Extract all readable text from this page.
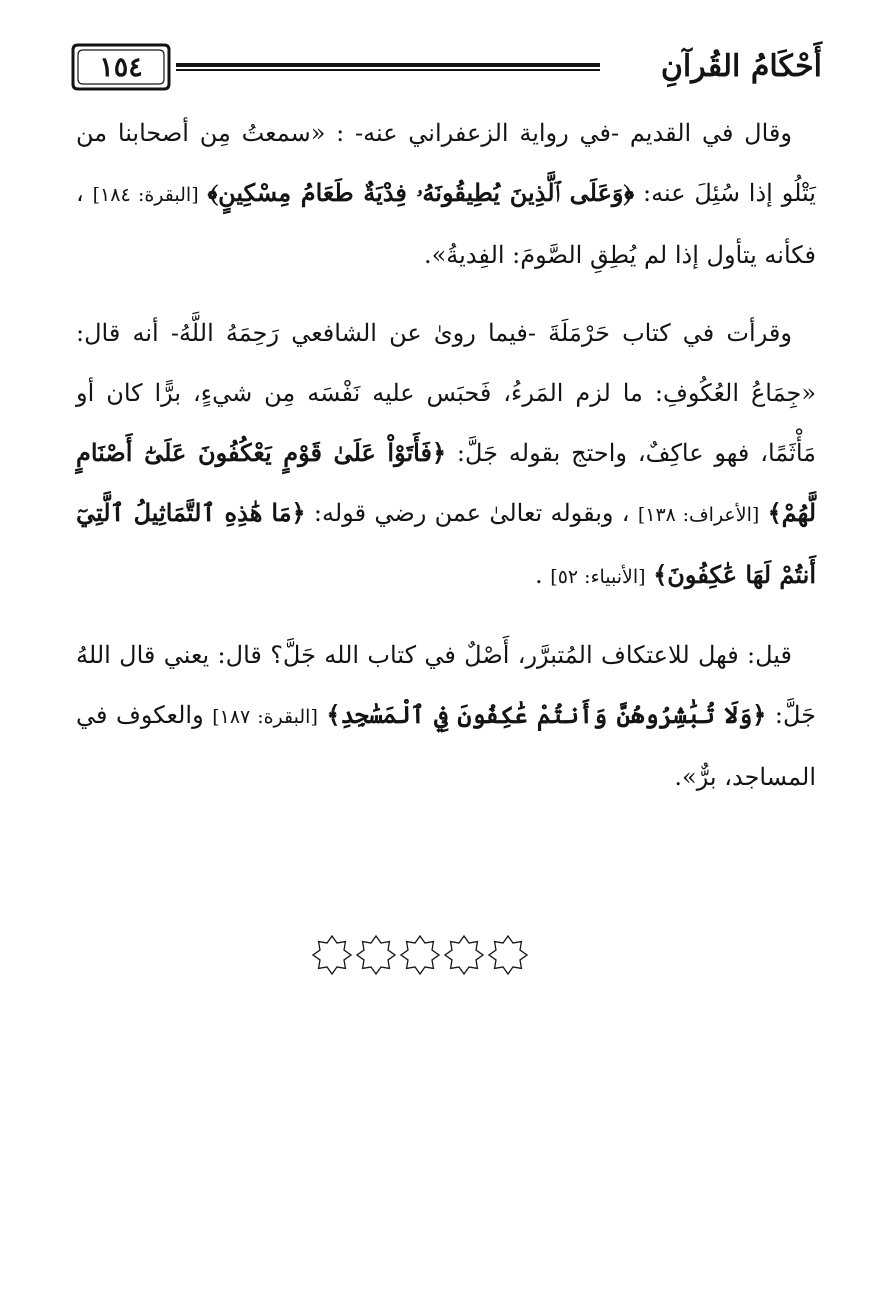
١٥٤	أَحْكَامُ القُرآنِ

وقال في القديم -في رواية الزعفراني عنه- : «سمعتُ مِن أصحابنا من يَتْلُو إذا سُئِلَ عنه: ﴿وَعَلَى ٱلَّذِينَ يُطِيقُونَهُۥ فِدْيَةٌ طَعَامُ مِسْكِينٍ﴾ [البقرة: ١٨٤] ، فكأنه يتأول إذا لم يُطِقِ الصَّومَ: الفِديةُ».

وقرأت في كتاب حَرْمَلَةَ -فيما روىٰ عن الشافعي رَحِمَهُ اللَّهُ- أنه قال: «جِمَاعُ العُكُوفِ: ما لزم المَرءُ، فَحبَس عليه نَفْسَه مِن شيءٍ، برًّا كان أو مَأْثَمًا، فهو عاكِفٌ، واحتج بقوله جَلَّ: ﴿فَأَتَوْاْ عَلَىٰ قَوْمٍ يَعْكُفُونَ عَلَىٰٓ أَصْنَامٍ لَّهُمْ﴾ [الأعراف: ١٣٨] ، وبقوله تعالىٰ عمن رضي قوله: ﴿مَا هَٰذِهِ ٱلتَّمَاثِيلُ ٱلَّتِيٓ أَنتُمْ لَهَا عَٰكِفُونَ﴾ [الأنبياء: ٥٢] .

قيل: فهل للاعتكاف المُتبرَّر، أَصْلٌ في كتاب الله جَلَّ؟ قال: يعني قال اللهُ جَلَّ: ﴿وَلَا تُبَٰشِرُوهُنَّ وَأَنتُمْ عَٰكِفُونَ فِي ٱلْمَسَٰجِدِ﴾ [البقرة: ١٨٧] والعكوف في المساجد، برٌّ».
